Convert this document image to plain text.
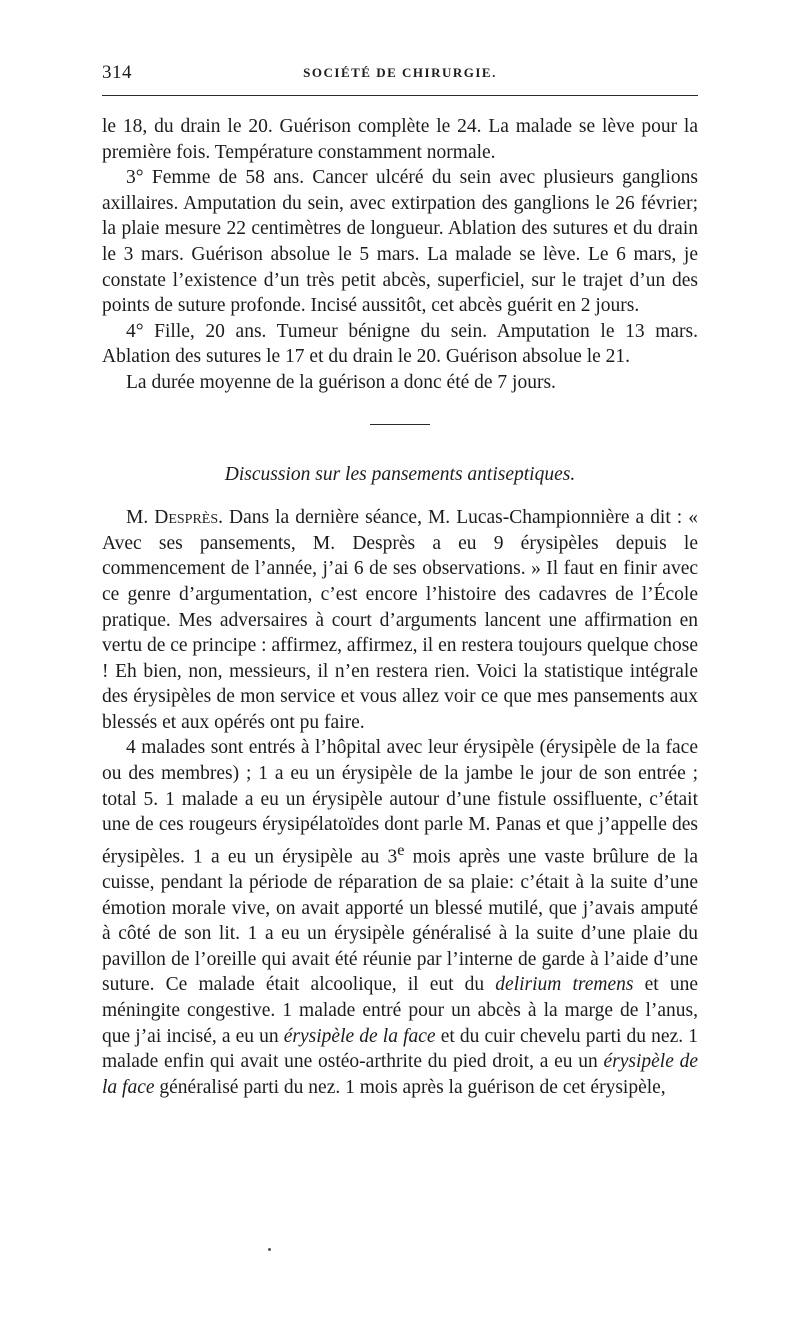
314	SOCIÉTÉ DE CHIRURGIE.

le 18, du drain le 20. Guérison complète le 24. La malade se lève pour la première fois. Température constamment normale.

3° Femme de 58 ans. Cancer ulcéré du sein avec plusieurs ganglions axillaires. Amputation du sein, avec extirpation des ganglions le 26 février; la plaie mesure 22 centimètres de longueur. Ablation des sutures et du drain le 3 mars. Guérison absolue le 5 mars. La malade se lève. Le 6 mars, je constate l’existence d’un très petit abcès, superficiel, sur le trajet d’un des points de suture profonde. Incisé aussitôt, cet abcès guérit en 2 jours.

4° Fille, 20 ans. Tumeur bénigne du sein. Amputation le 13 mars. Ablation des sutures le 17 et du drain le 20. Guérison absolue le 21.

La durée moyenne de la guérison a donc été de 7 jours.

Discussion sur les pansements antiseptiques.

M. Desprès. Dans la dernière séance, M. Lucas-Championnière a dit : « Avec ses pansements, M. Desprès a eu 9 érysipèles depuis le commencement de l’année, j’ai 6 de ses observations. » Il faut en finir avec ce genre d’argumentation, c’est encore l’histoire des cadavres de l’École pratique. Mes adversaires à court d’arguments lancent une affirmation en vertu de ce principe : affirmez, affirmez, il en restera toujours quelque chose ! Eh bien, non, messieurs, il n’en restera rien. Voici la statistique intégrale des érysipèles de mon service et vous allez voir ce que mes pansements aux blessés et aux opérés ont pu faire.

4 malades sont entrés à l’hôpital avec leur érysipèle (érysipèle de la face ou des membres) ; 1 a eu un érysipèle de la jambe le jour de son entrée ; total 5. 1 malade a eu un érysipèle autour d’une fistule ossifluente, c’était une de ces rougeurs érysipélatoïdes dont parle M. Panas et que j’appelle des érysipèles. 1 a eu un érysipèle au 3e mois après une vaste brûlure de la cuisse, pendant la période de réparation de sa plaie: c’était à la suite d’une émotion morale vive, on avait apporté un blessé mutilé, que j’avais amputé à côté de son lit. 1 a eu un érysipèle généralisé à la suite d’une plaie du pavillon de l’oreille qui avait été réunie par l’interne de garde à l’aide d’une suture. Ce malade était alcoolique, il eut du delirium tremens et une méningite congestive. 1 malade entré pour un abcès à la marge de l’anus, que j’ai incisé, a eu un érysipèle de la face et du cuir chevelu parti du nez. 1 malade enfin qui avait une ostéo-arthrite du pied droit, a eu un érysipèle de la face généralisé parti du nez. 1 mois après la guérison de cet érysipèle,
